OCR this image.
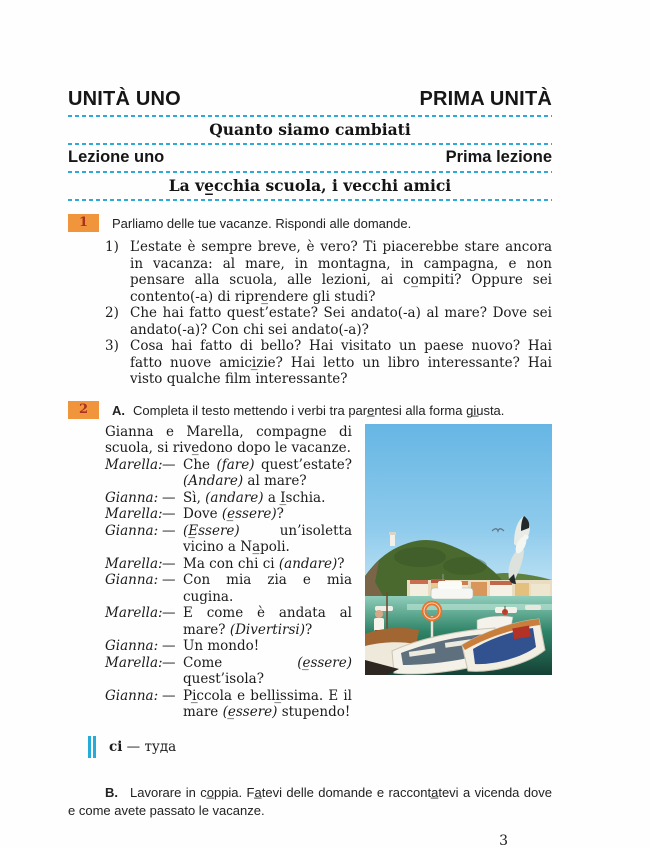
UNITÀ UNO	PRIMA UNITÀ
Quanto siamo cambiati
Lezione uno	Prima lezione
La ve̲cchia scuola, i vecchi amici
1	Parliamo delle tue vacanze. Rispondi alle domande.
1) L’estate è sempre breve, è vero? Ti piacerebbe stare ancora in vacanza: al mare, in montagna, in campagna, e non pensare alla scuola, alle lezioni, ai co̲mpiti? Oppure sei contento(-a) di ripre̲ndere gli studi?
2) Che hai fatto quest’estate? Sei andato(-a) al mare? Dove sei andato(-a)? Con chi sei andato(-a)?
3) Cosa hai fatto di bello? Hai visitato un paese nuovo? Hai fatto nuove amici̲zie? Hai letto un libro interessante? Hai visto qualche film interessante?
2	A. Completa il testo mettendo i verbi tra pare̲ntesi alla forma gi̲usta.

Gianna e Marella, compagne di scuola, si rive̲dono dopo le vacanze.

Marella: — Che (fare) quest’estate? (Andare) al mare?
Gianna: — Sì, (andare) a I̲schia.
Marella: — Dove (e̲ssere)?
Gianna: — (E̲ssere) un’isoletta vicino a Na̲poli.
Marella: — Ma con chi ci (andare)?
Gianna: — Con mia zia e mia cugina.
Marella: — E come è andata al mare? (Divertirsi)?
Gianna: — Un mondo!
Marella: — Come (e̲ssere) quest’isola?
Gianna: — Pi̲ccola e belli̲ssima. E il mare (e̲ssere) stupendo!
ci — туда

B. Lavorare in co̲ppia. Fa̲tevi delle domande e racconta̲tevi a vicenda dove e come avete passato le vacanze.

3
